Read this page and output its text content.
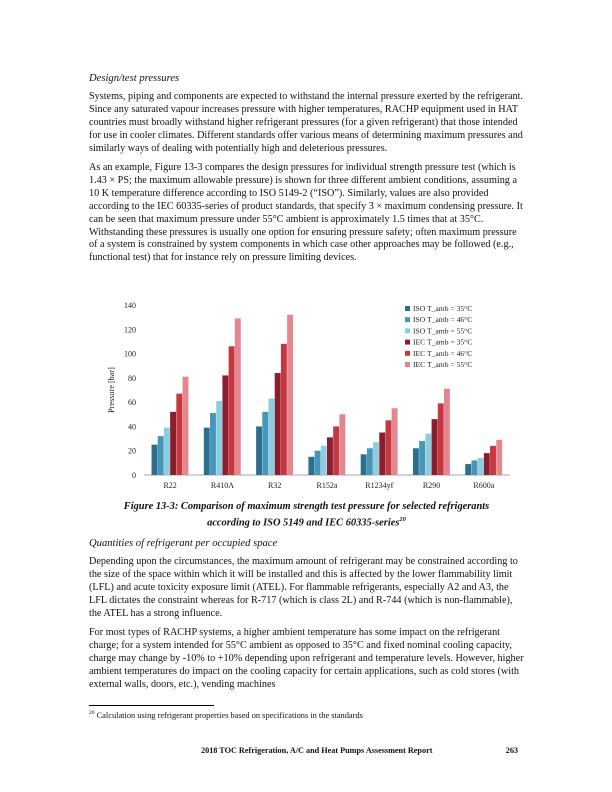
Design/test pressures

Systems, piping and components are expected to withstand the internal pressure exerted by the refrigerant. Since any saturated vapour increases pressure with higher temperatures, RACHP equipment used in HAT countries must broadly withstand higher refrigerant pressures (for a given refrigerant) that those intended for use in cooler climates. Different standards offer various means of determining maximum pressures and similarly ways of dealing with potentially high and deleterious pressures.

As an example, Figure 13-3 compares the design pressures for individual strength pressure test (which is 1.43 × PS; the maximum allowable pressure) is shown for three different ambient conditions, assuming a 10 K temperature difference according to ISO 5149-2 (“ISO”). Similarly, values are also provided according to the IEC 60335-series of product standards, that specify 3 × maximum condensing pressure. It can be seen that maximum pressure under 55°C ambient is approximately 1.5 times that at 35°C. Withstanding these pressures is usually one option for ensuring pressure safety; often maximum pressure of a system is constrained by system components in which case other approaches may be followed (e.g., functional test) that for instance rely on pressure limiting devices.

0
20
40
60
80
100
120
140
Pressure [bar]
R22	R410A	R32	R152a	R1234yf	R290	R600a
ISO T_amb = 35°C
ISO T_amb = 46°C
ISO T_amb = 55°C
IEC T_amb = 35°C
IEC T_amb = 46°C
IEC T_amb = 55°C

Figure 13-3: Comparison of maximum strength test pressure for selected refrigerants

according to ISO 5149 and IEC 60335-series$^{20}$

Quantities of refrigerant per occupied space

Depending upon the circumstances, the maximum amount of refrigerant may be constrained according to the size of the space within which it will be installed and this is affected by the lower flammability limit (LFL) and acute toxicity exposure limit (ATEL). For flammable refrigerants, especially A2 and A3, the LFL dictates the constraint whereas for R-717 (which is class 2L) and R-744 (which is non-flammable), the ATEL has a strong influence.

For most types of RACHP systems, a higher ambient temperature has some impact on the refrigerant charge; for a system intended for 55°C ambient as opposed to 35°C and fixed nominal cooling capacity, charge may change by -10% to +10% depending upon refrigerant and temperature levels. However, higher ambient temperatures do impact on the cooling capacity for certain applications, such as cold stores (with external walls, doors, etc.), vending machines

$^{20}$ Calculation using refrigerant properties based on specifications in the standards
2018 TOC Refrigeration, A/C and Heat Pumps Assessment Report	263
